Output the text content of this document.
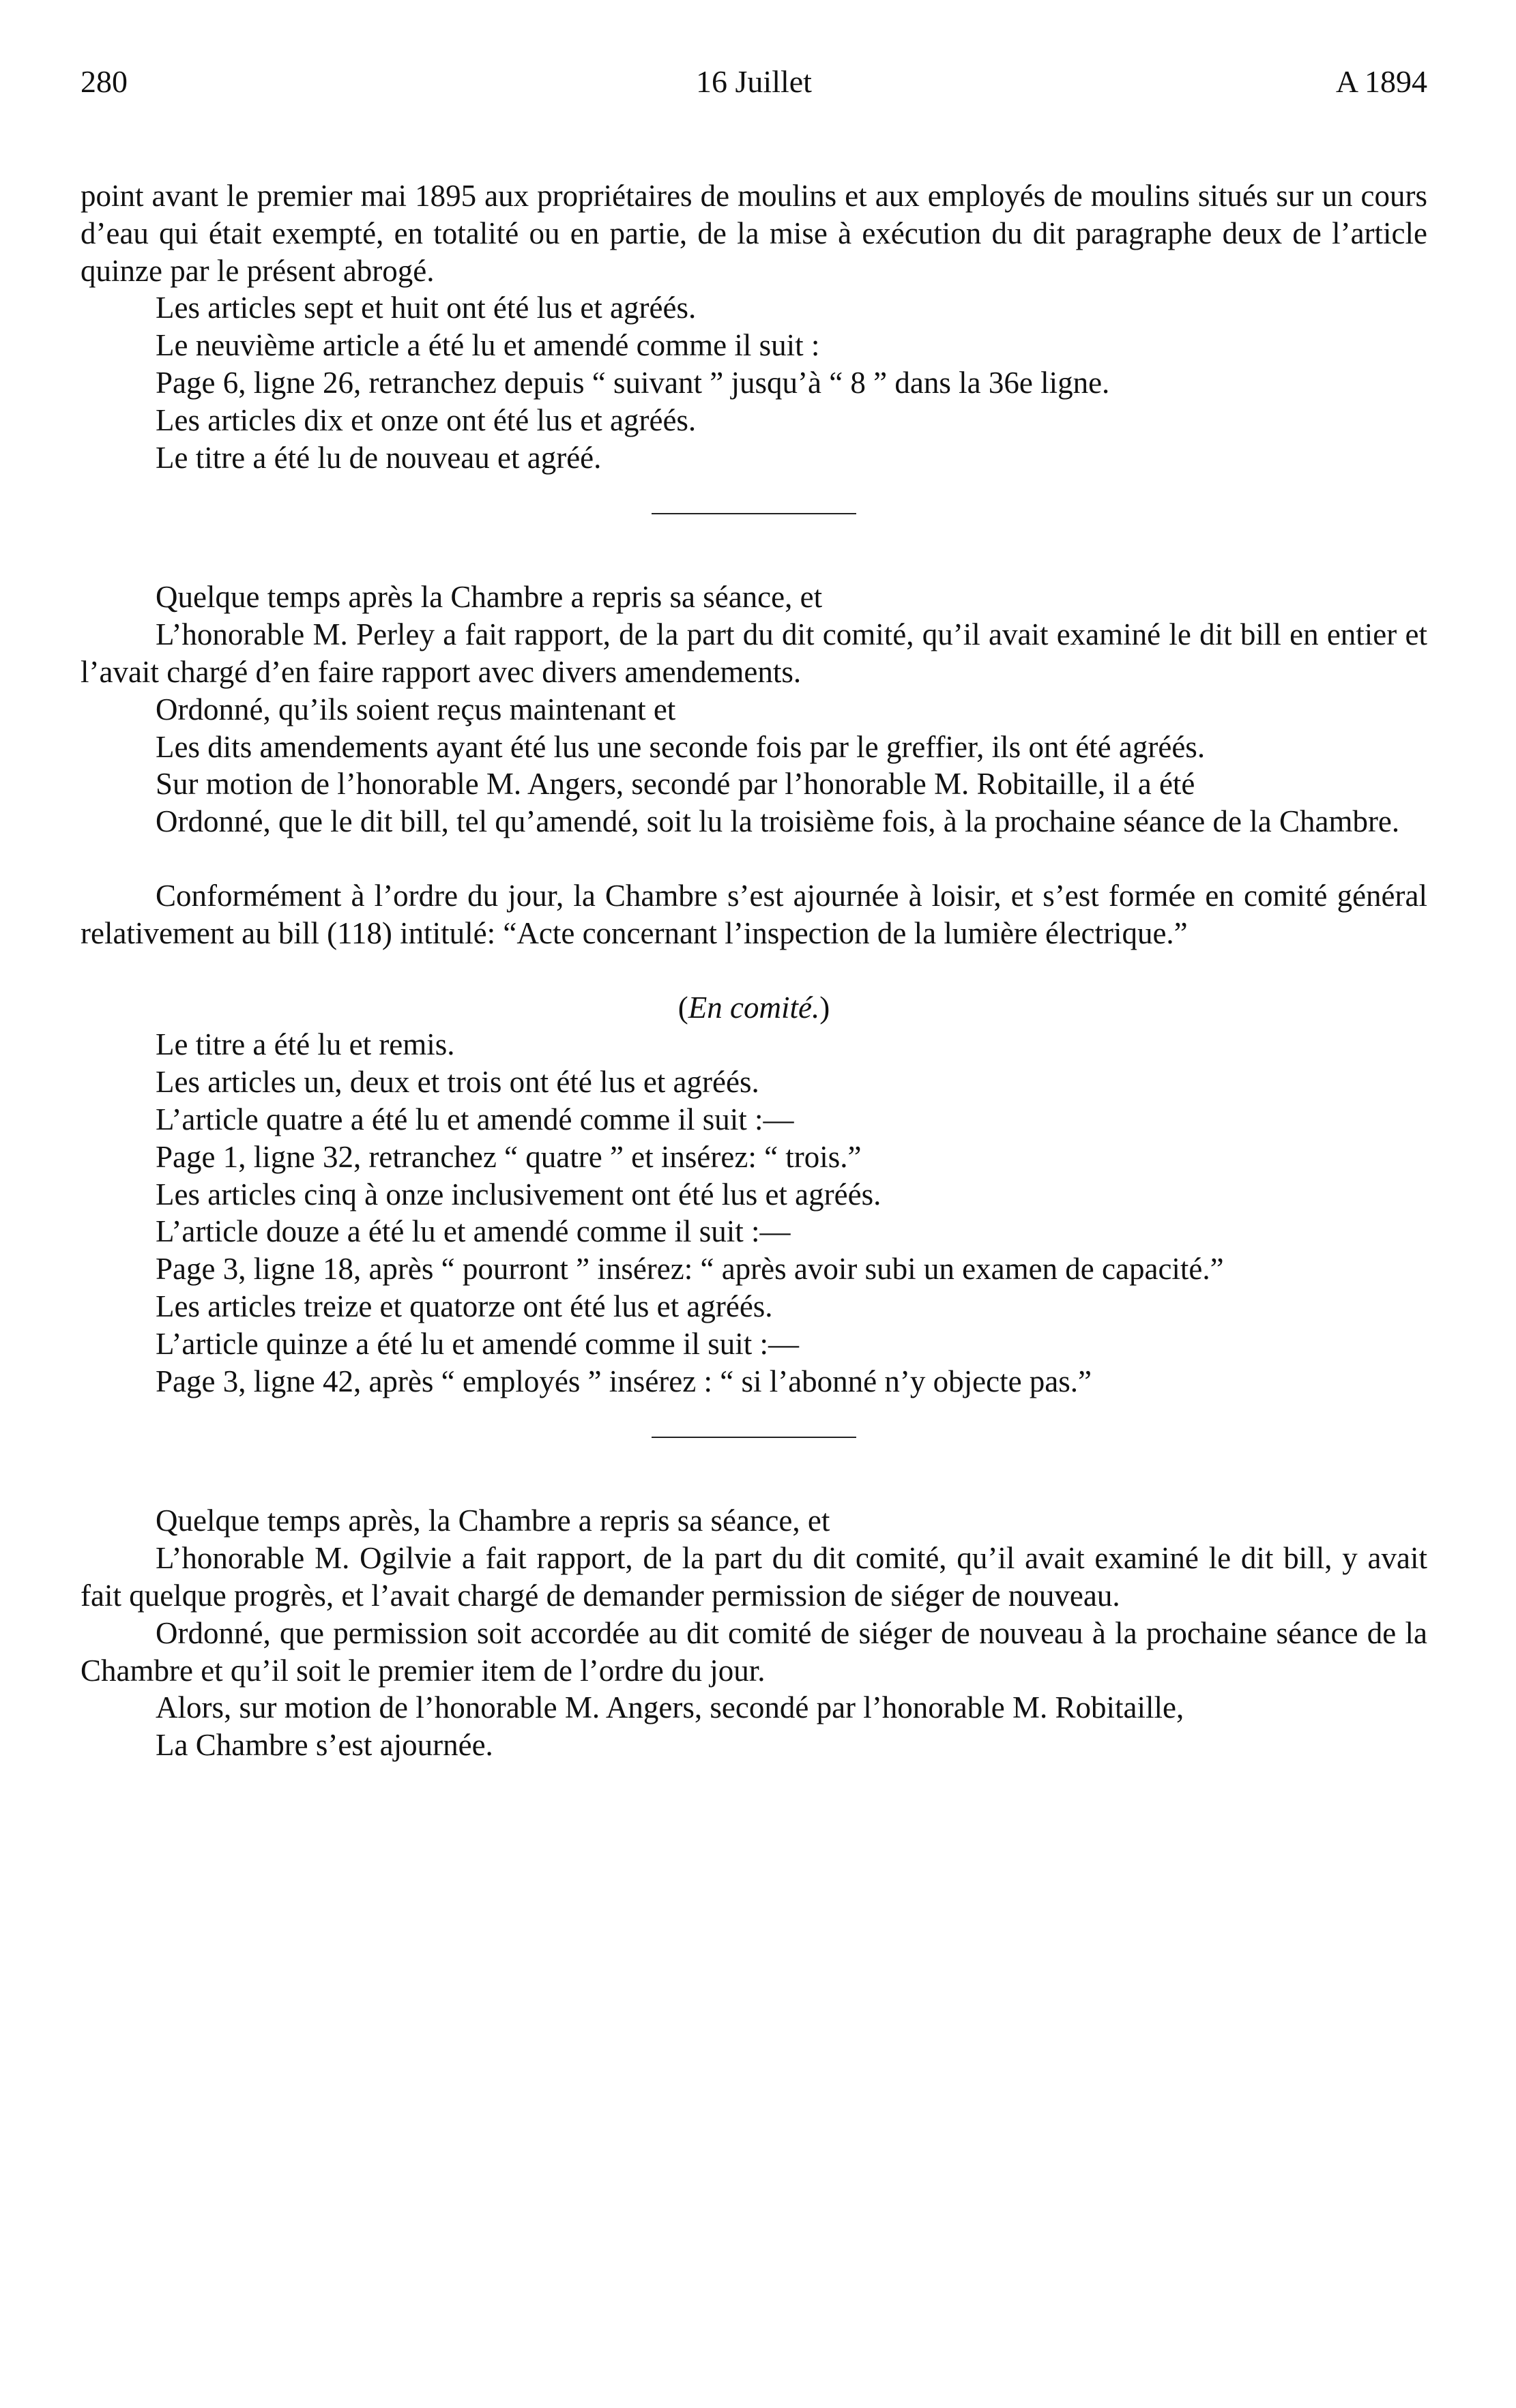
280	16 Juillet	A 1894

point avant le premier mai 1895 aux propriétaires de moulins et aux employés de moulins situés sur un cours d’eau qui était exempté, en totalité ou en partie, de la mise à exécution du dit paragraphe deux de l’article quinze par le présent abrogé.

Les articles sept et huit ont été lus et agréés.

Le neuvième article a été lu et amendé comme il suit :

Page 6, ligne 26, retranchez depuis “ suivant ” jusqu’à “ 8 ” dans la 36e ligne.

Les articles dix et onze ont été lus et agréés.

Le titre a été lu de nouveau et agréé.

Quelque temps après la Chambre a repris sa séance, et

L’honorable M. Perley a fait rapport, de la part du dit comité, qu’il avait examiné le dit bill en entier et l’avait chargé d’en faire rapport avec divers amendements.

Ordonné, qu’ils soient reçus maintenant et

Les dits amendements ayant été lus une seconde fois par le greffier, ils ont été agréés.

Sur motion de l’honorable M. Angers, secondé par l’honorable M. Robitaille, il a été

Ordonné, que le dit bill, tel qu’amendé, soit lu la troisième fois, à la prochaine séance de la Chambre.

Conformément à l’ordre du jour, la Chambre s’est ajournée à loisir, et s’est formée en comité général relativement au bill (118) intitulé: “Acte concernant l’inspection de la lumière électrique.”

(En comité.)

Le titre a été lu et remis.

Les articles un, deux et trois ont été lus et agréés.

L’article quatre a été lu et amendé comme il suit :—

Page 1, ligne 32, retranchez “ quatre ” et insérez: “ trois.”

Les articles cinq à onze inclusivement ont été lus et agréés.

L’article douze a été lu et amendé comme il suit :—

Page 3, ligne 18, après “ pourront ” insérez: “ après avoir subi un examen de capacité.”

Les articles treize et quatorze ont été lus et agréés.

L’article quinze a été lu et amendé comme il suit :—

Page 3, ligne 42, après “ employés ” insérez : “ si l’abonné n’y objecte pas.”

Quelque temps après, la Chambre a repris sa séance, et

L’honorable M. Ogilvie a fait rapport, de la part du dit comité, qu’il avait examiné le dit bill, y avait fait quelque progrès, et l’avait chargé de demander permission de siéger de nouveau.

Ordonné, que permission soit accordée au dit comité de siéger de nouveau à la prochaine séance de la Chambre et qu’il soit le premier item de l’ordre du jour.

Alors, sur motion de l’honorable M. Angers, secondé par l’honorable M. Robitaille,

La Chambre s’est ajournée.
